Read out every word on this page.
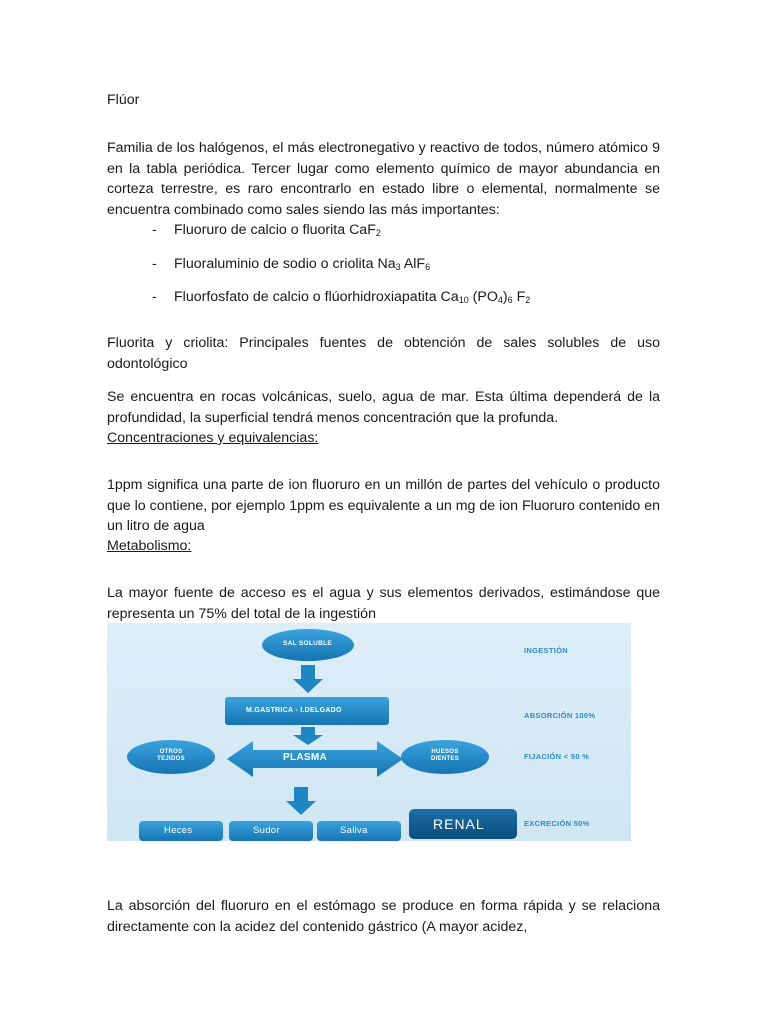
Flúor

Familia de los halógenos, el más electronegativo y reactivo de todos, número atómico 9 en la tabla periódica. Tercer lugar como elemento químico de mayor abundancia en corteza terrestre, es raro encontrarlo en estado libre o elemental, normalmente se encuentra combinado como sales siendo las más importantes:

- Fluoruro de calcio o fluorita CaF$_2$
- Fluoraluminio de sodio o criolita $Na_3$ AlF$_6$
- Fluorfosfato de calcio o flúorhidroxiapatita $Ca_{10}$ $(PO_4)_6$ $F_2$

Fluorita y criolita: Principales fuentes de obtención de sales solubles de uso odontológico

Se encuentra en rocas volcánicas, suelo, agua de mar. Esta última dependerá de la profundidad, la superficial tendrá menos concentración que la profunda.

Concentraciones y equivalencias:

1ppm significa una parte de ion fluoruro en un millón de partes del vehículo o producto que lo contiene, por ejemplo 1ppm es equivalente a un mg de ion Fluoruro contenido en un litro de agua

Metabolismo:

La mayor fuente de acceso es el agua y sus elementos derivados, estimándose que representa un 75% del total de la ingestión

SAL SOLUBLE
M.GASTRICA - I.DELGADO
PLASMA
OTROS TEJIDOS
HUESOS DIENTES
Heces	Sudor	Saliva	RENAL
INGESTIÓN
ABSORCIÓN 100%
FIJACIÓN < 50 %
EXCRECIÓN 50%

La absorción del fluoruro en el estómago se produce en forma rápida y se relaciona directamente con la acidez del contenido gástrico (A mayor acidez,
